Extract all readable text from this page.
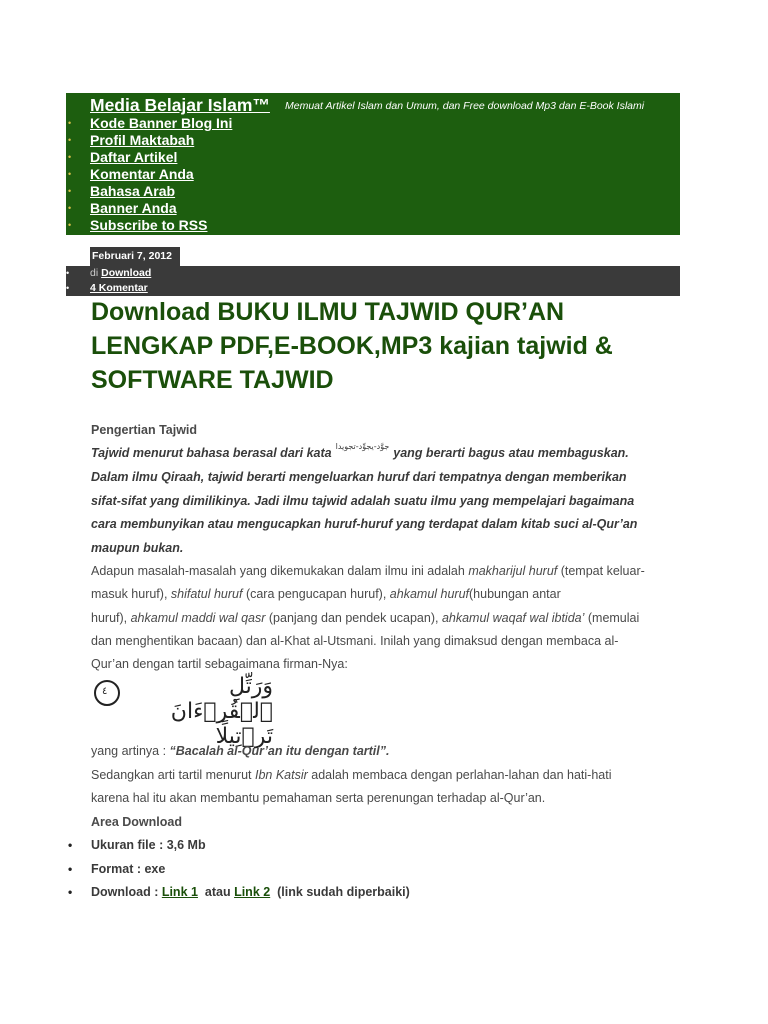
Media Belajar Islam™ Memuat Artikel Islam dan Umum, dan Free download Mp3 dan E-Book Islami
• Kode Banner Blog Ini
• Profil Maktabah
• Daftar Artikel
• Komentar Anda
• Bahasa Arab
• Banner Anda
• Subscribe to RSS
Februari 7, 2012
• di Download
• 4 Komentar
Download BUKU ILMU TAJWID QUR’AN LENGKAP PDF,E-BOOK,MP3 kajian tajwid & SOFTWARE TAJWID
Pengertian Tajwid
Tajwid menurut bahasa berasal dari kata $^{جوَّد-يجوِّد-تجويدا}$ yang berarti bagus atau membaguskan.
Dalam ilmu Qiraah, tajwid berarti mengeluarkan huruf dari tempatnya dengan memberikan
sifat-sifat yang dimilikinya. Jadi ilmu tajwid adalah suatu ilmu yang mempelajari bagaimana
cara membunyikan atau mengucapkan huruf-huruf yang terdapat dalam kitab suci al-Qur’an
maupun bukan.
Adapun masalah-masalah yang dikemukakan dalam ilmu ini adalah makharijul huruf (tempat keluar-
masuk huruf), shifatul huruf (cara pengucapan huruf), ahkamul huruf(hubungan antar
huruf), ahkamul maddi wal qasr (panjang dan pendek ucapan), ahkamul waqaf wal ibtida’ (memulai
dan menghentikan bacaan) dan al-Khat al-Utsmani. Inilah yang dimaksud dengan membaca al-
Qur’an dengan tartil sebagaimana firman-Nya:
٤	وَرَتِّلِ ٱلۡقُرۡءَانَ تَرۡتِيلًا
yang artinya : “Bacalah al-Qur’an itu dengan tartil”.
Sedangkan arti tartil menurut Ibn Katsir adalah membaca dengan perlahan-lahan dan hati-hati
karena hal itu akan membantu pemahaman serta perenungan terhadap al-Qur’an.
Area Download
• Ukuran file : 3,6 Mb
• Format : exe
• Download : Link 1  atau Link 2  (link sudah diperbaiki)
